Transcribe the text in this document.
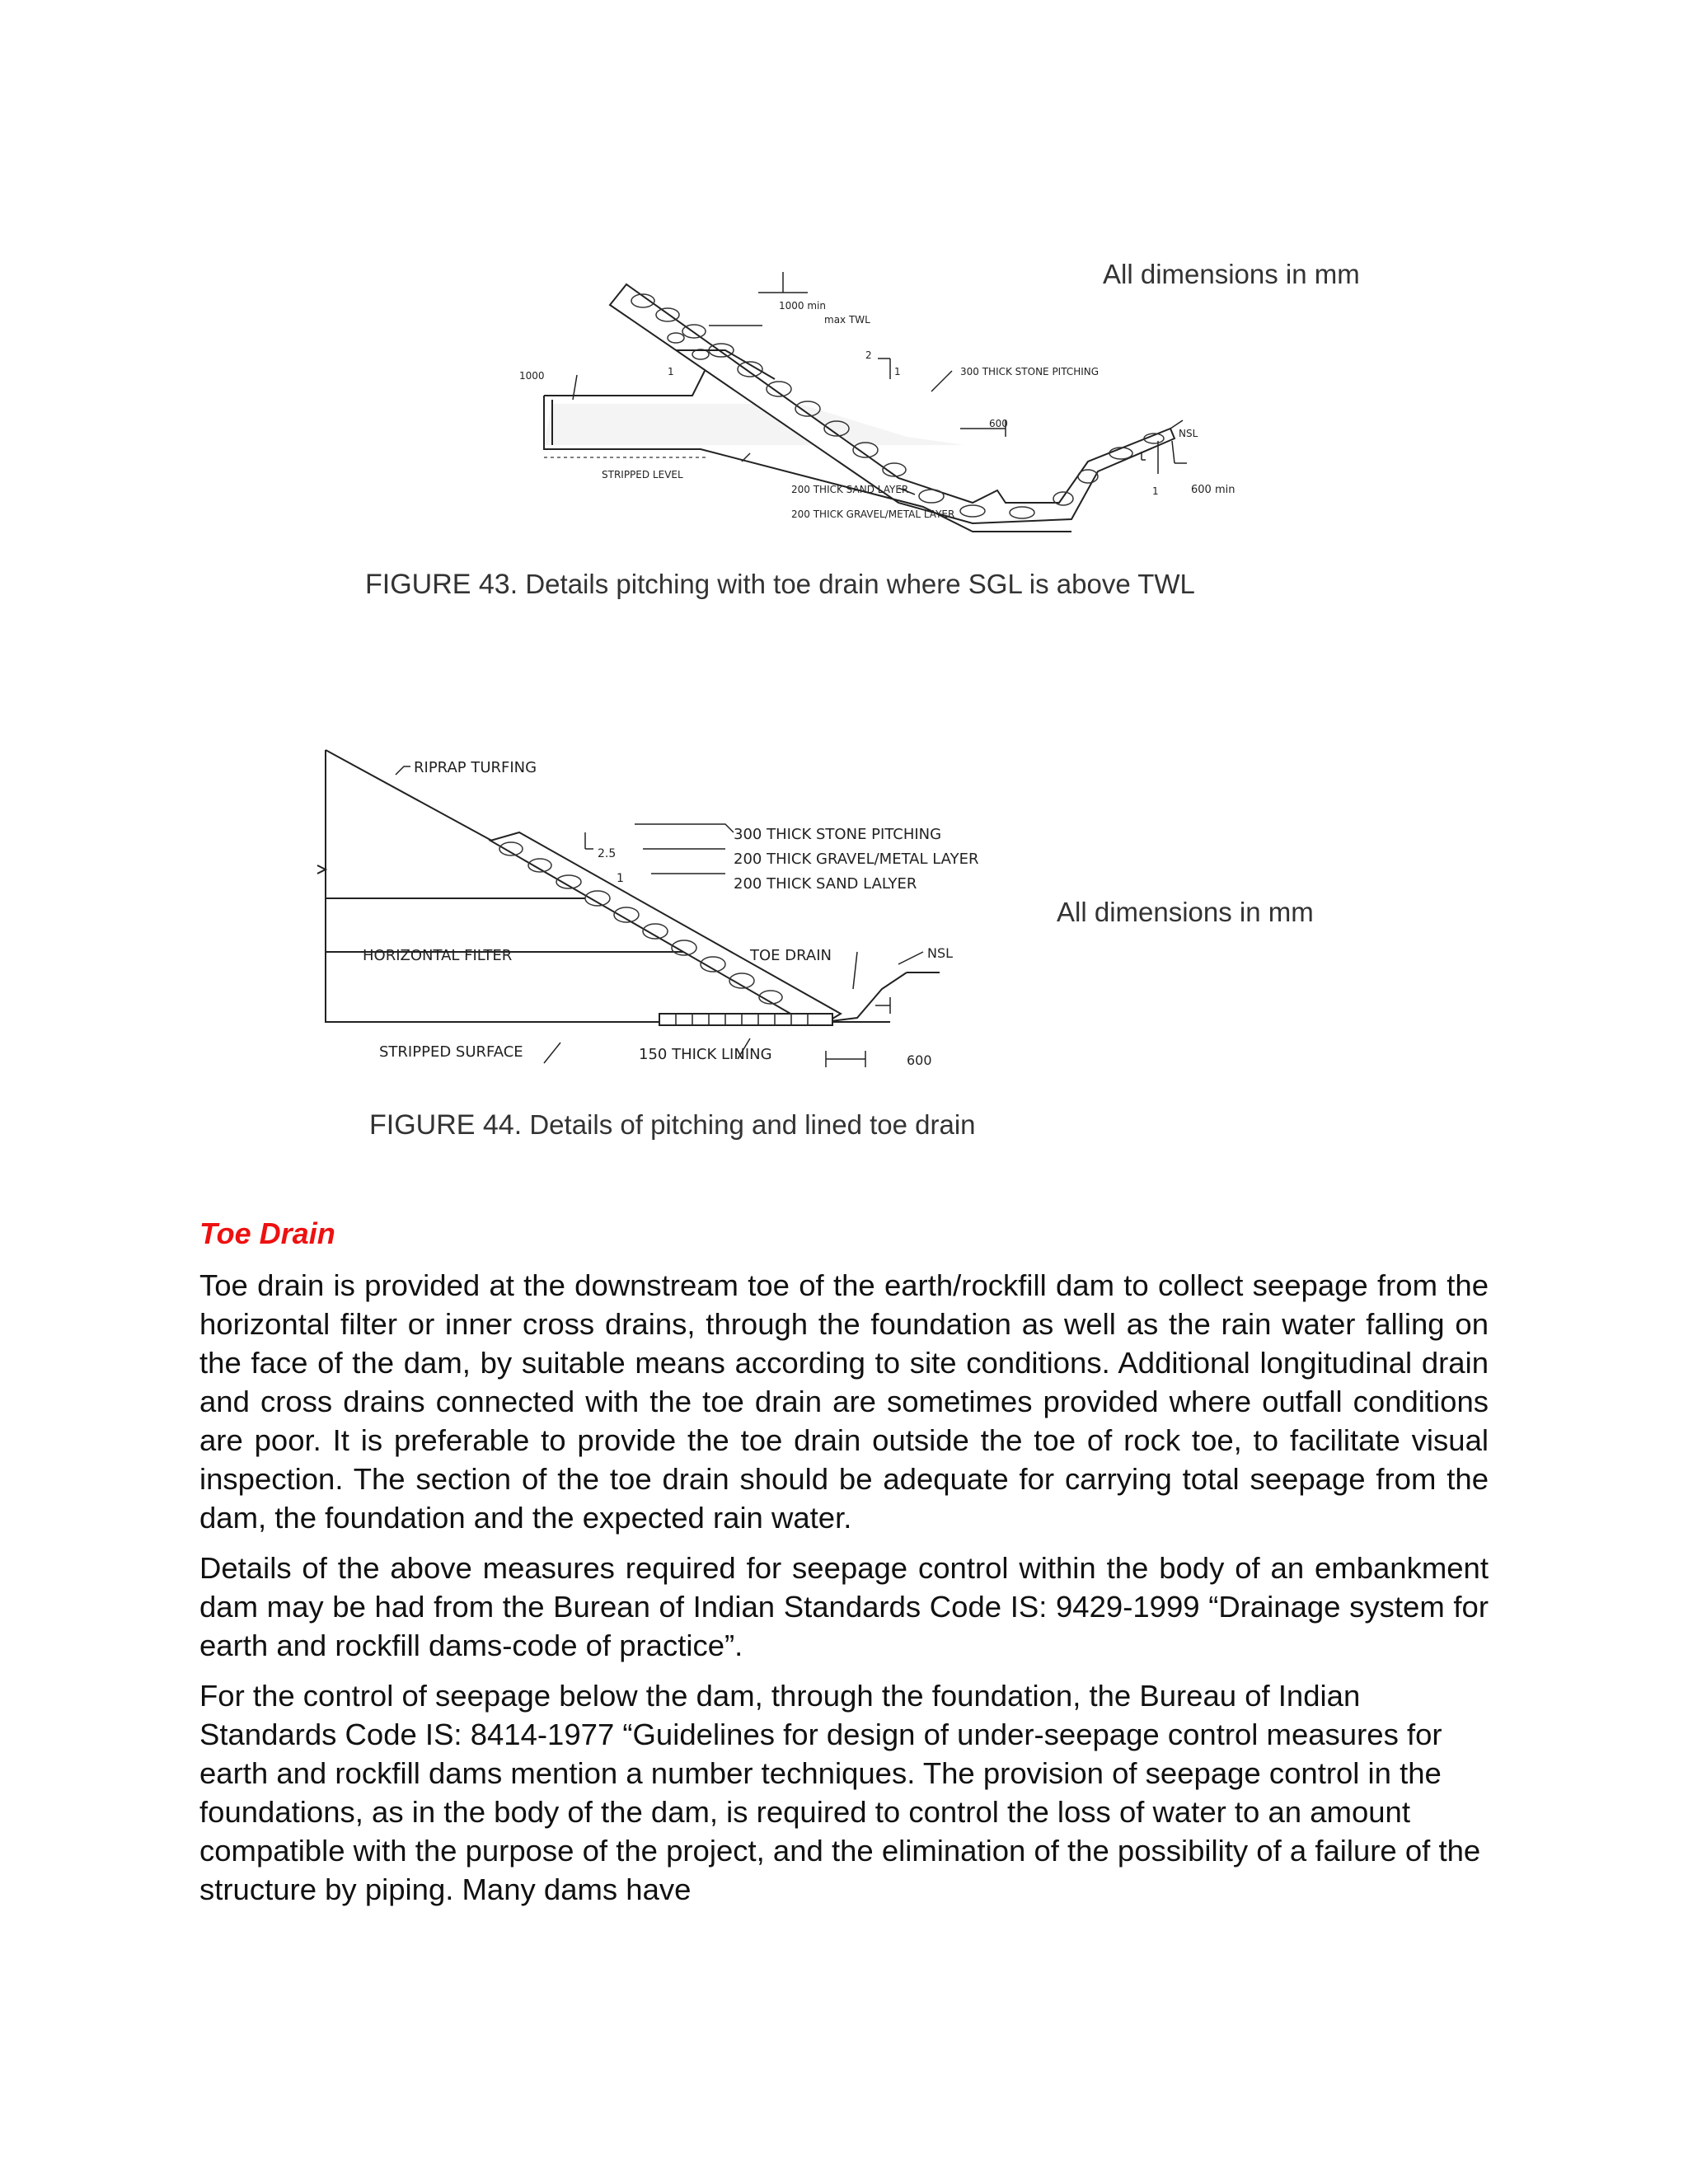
All dimensions in mm
1000 min
max TWL
1000	1
2
1	300 THICK STONE PITCHING
600
NSL
600 min
1
STRIPPED LEVEL
200 THICK SAND LAYER
200 THICK GRAVEL/METAL LAYER
FIGURE 43. Details pitching with toe drain where SGL is above TWL
All dimensions in mm
RIPRAP TURFING
2.5
1
300 THICK STONE PITCHING
200 THICK GRAVEL/METAL LAYER
200 THICK SAND LALYER
HORIZONTAL FILTER	TOE DRAIN	NSL
STRIPPED SURFACE	150 THICK LINING	600
FIGURE 44. Details of pitching and lined toe drain
Toe Drain

Toe drain is provided at the downstream toe of the earth/rockfill dam to collect seepage from the horizontal filter or inner cross drains, through the foundation as well as the rain water falling on the face of the dam, by suitable means according to site conditions. Additional longitudinal drain and cross drains connected with the toe drain are sometimes provided where outfall conditions are poor. It is preferable to provide the toe drain outside the toe of rock toe, to facilitate visual inspection. The section of the toe drain should be adequate for carrying total seepage from the dam, the foundation and the expected rain water.

Details of the above measures required for seepage control within the body of an embankment dam may be had from the Burean of Indian Standards Code IS: 9429-1999 “Drainage system for earth and rockfill dams-code of practice”.

For the control of seepage below the dam, through the foundation, the Bureau of Indian Standards Code IS: 8414-1977 “Guidelines for design of under-seepage control measures for earth and rockfill dams mention a number techniques. The provision of seepage control in the foundations, as in the body of the dam, is required to control the loss of water to an amount compatible with the purpose of the project, and the elimination of the possibility of a failure of the structure by piping. Many dams have
